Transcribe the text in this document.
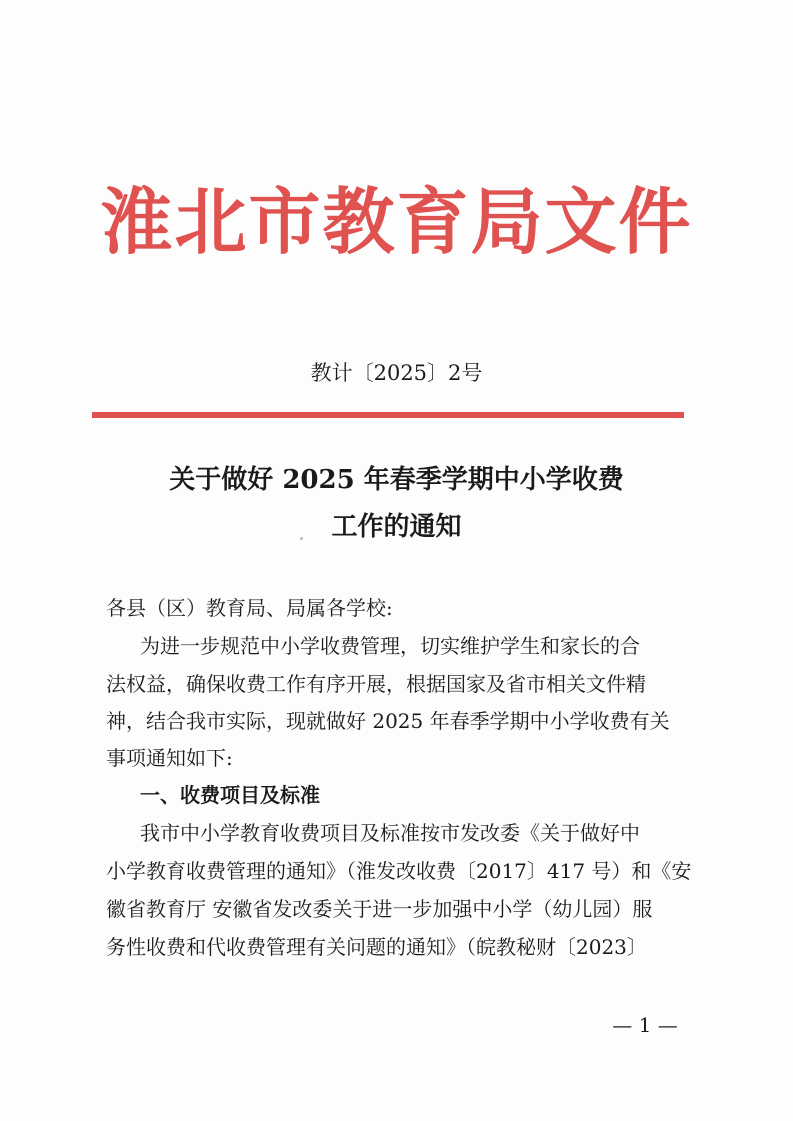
淮北市教育局文件
教计〔2025〕2号
关于做好 2025 年春季学期中小学收费
工作的通知
各县（区）教育局、局属各学校:
为进一步规范中小学收费管理，切实维护学生和家长的合
法权益，确保收费工作有序开展，根据国家及省市相关文件精
神，结合我市实际，现就做好 2025 年春季学期中小学收费有关
事项通知如下:
一、收费项目及标准
我市中小学教育收费项目及标准按市发改委《关于做好中
小学教育收费管理的通知》（淮发改收费〔2017〕417 号）和《安
徽省教育厅 安徽省发改委关于进一步加强中小学（幼儿园）服
务性收费和代收费管理有关问题的通知》（皖教秘财〔2023〕
— 1 —
